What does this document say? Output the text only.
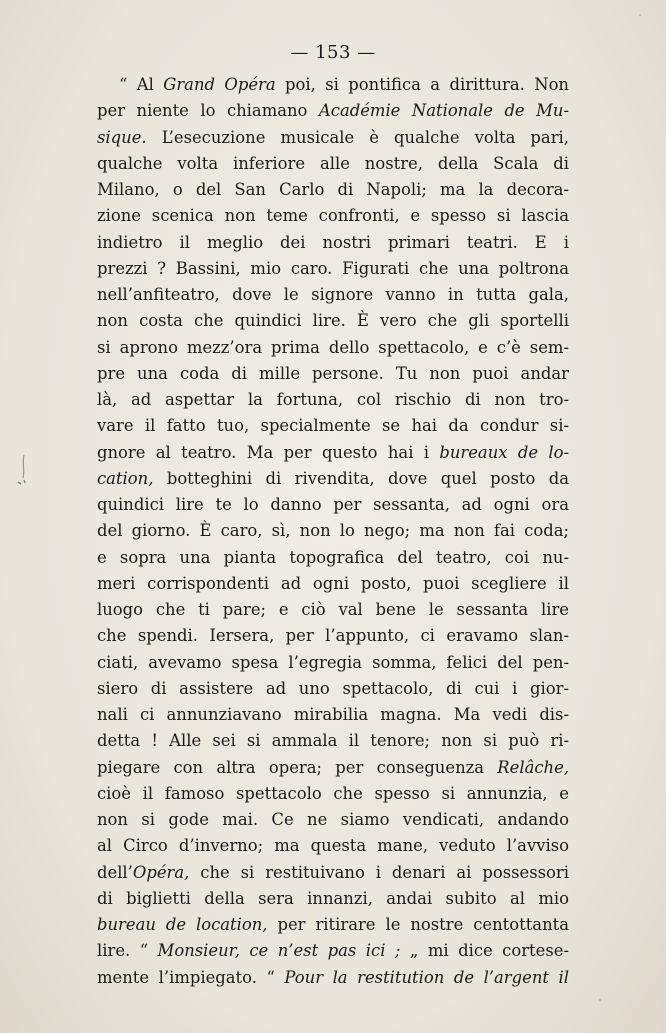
— 153 —
“ Al Grand Opéra poi, si pontifica a dirittura. Non
per niente lo chiamano Académie Nationale de Mu-
sique. L’esecuzione musicale è qualche volta pari,
qualche volta inferiore alle nostre, della Scala di
Milano, o del San Carlo di Napoli; ma la decora-
zione scenica non teme confronti, e spesso si lascia
indietro il meglio dei nostri primari teatri. E i
prezzi ? Bassini, mio caro. Figurati che una poltrona
nell’anfiteatro, dove le signore vanno in tutta gala,
non costa che quindici lire. È vero che gli sportelli
si aprono mezz’ora prima dello spettacolo, e c’è sem-
pre una coda di mille persone. Tu non puoi andar
là, ad aspettar la fortuna, col rischio di non tro-
vare il fatto tuo, specialmente se hai da condur si-
gnore al teatro. Ma per questo hai i bureaux de lo-
cation, botteghini di rivendita, dove quel posto da
quindici lire te lo danno per sessanta, ad ogni ora
del giorno. È caro, sì, non lo nego; ma non fai coda;
e sopra una pianta topografica del teatro, coi nu-
meri corrispondenti ad ogni posto, puoi scegliere il
luogo che ti pare; e ciò val bene le sessanta lire
che spendi. Iersera, per l’appunto, ci eravamo slan-
ciati, avevamo spesa l’egregia somma, felici del pen-
siero di assistere ad uno spettacolo, di cui i gior-
nali ci annunziavano mirabilia magna. Ma vedi dis-
detta ! Alle sei si ammala il tenore; non si può ri-
piegare con altra opera; per conseguenza Relâche,
cioè il famoso spettacolo che spesso si annunzia, e
non si gode mai. Ce ne siamo vendicati, andando
al Circo d’inverno; ma questa mane, veduto l’avviso
dell’Opéra, che si restituivano i denari ai possessori
di biglietti della sera innanzi, andai subito al mio
bureau de location, per ritirare le nostre centottanta
lire. “ Monsieur, ce n’est pas ici ; „ mi dice cortese-
mente l’impiegato. “ Pour la restitution de l’argent il
